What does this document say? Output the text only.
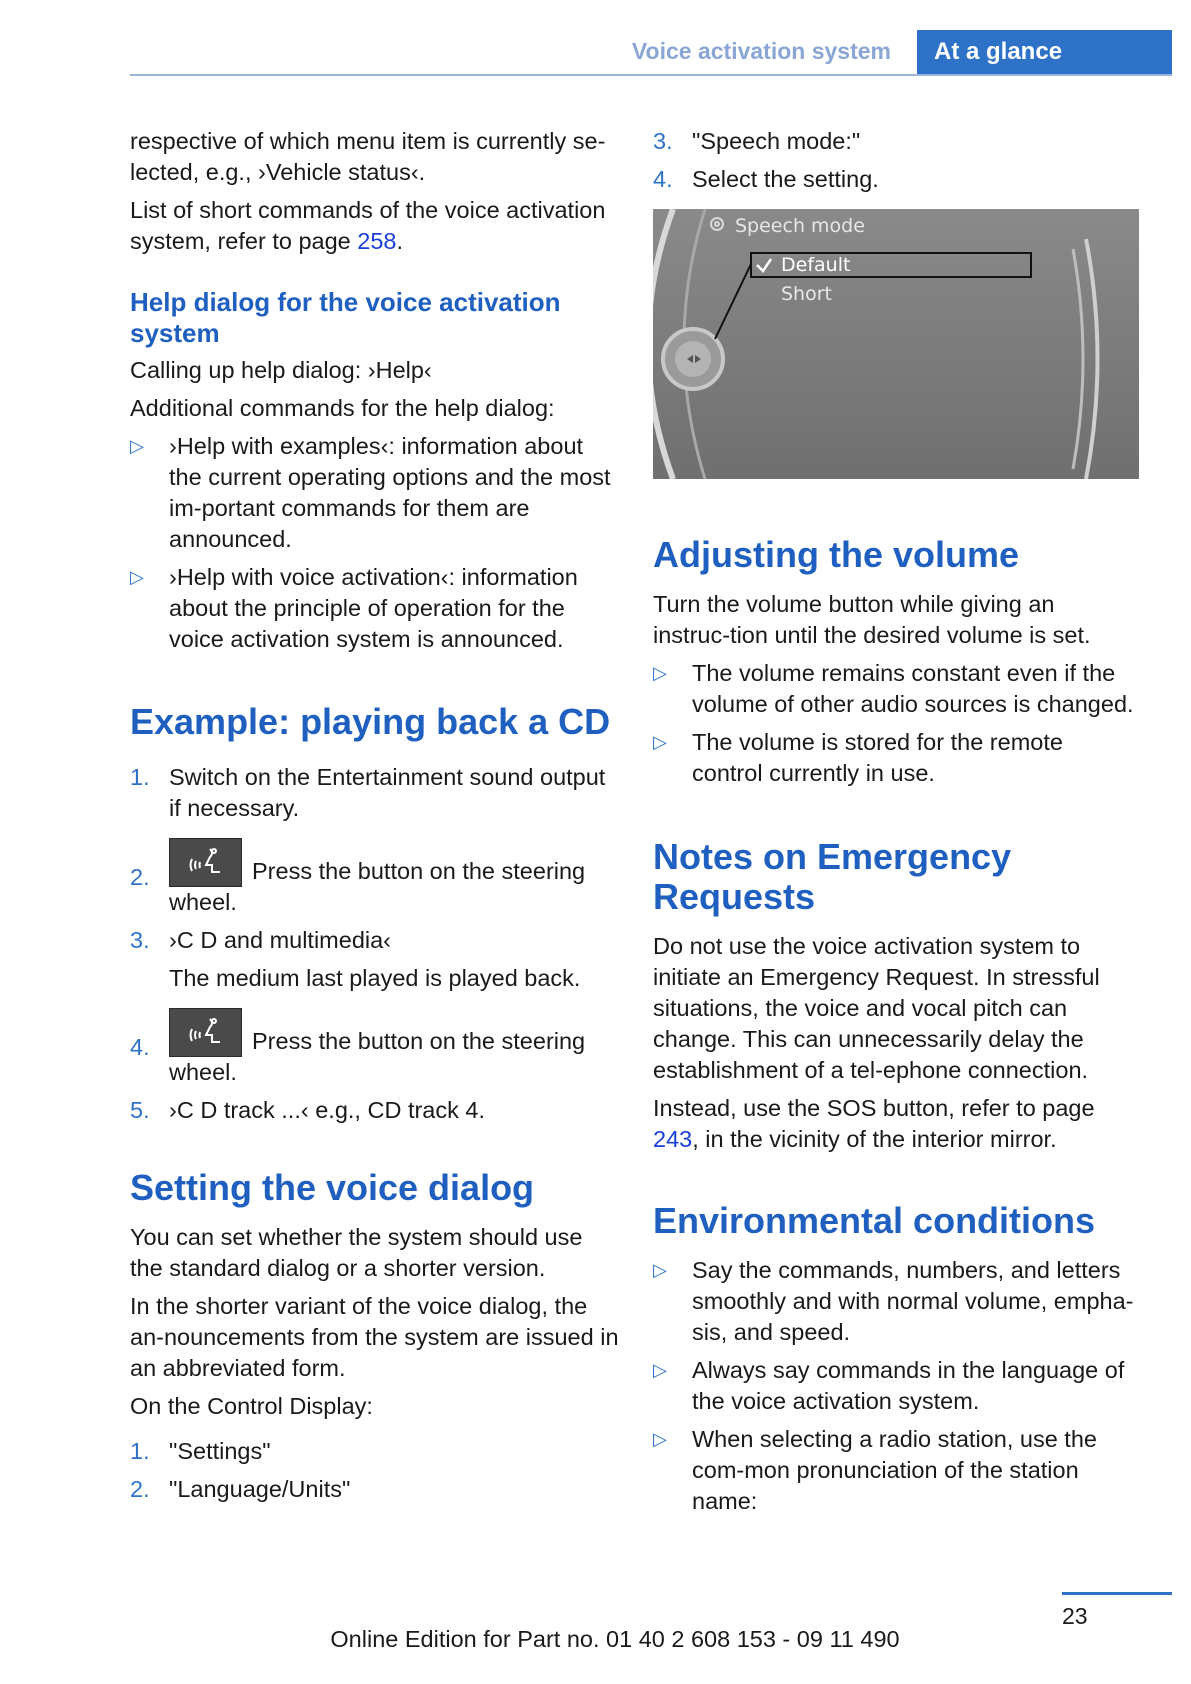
Voice activation system	At a glance

respective of which menu item is currently se-lected, e.g., ›Vehicle status‹.

List of short commands of the voice activation system, refer to page 258.

Help dialog for the voice activation system

Calling up help dialog: ›Help‹

Additional commands for the help dialog:

▷ ›Help with examples‹: information about the current operating options and the most im-portant commands for them are announced.
▷ ›Help with voice activation‹: information about the principle of operation for the voice activation system is announced.
Example: playing back a CD
1. Switch on the Entertainment sound output if necessary.
2.	Press the button on the steering wheel.
3. ›C D and multimedia‹

The medium last played is played back.

4.	Press the button on the steering wheel.
5. ›C D track ...‹ e.g., CD track 4.
Setting the voice dialog

You can set whether the system should use the standard dialog or a shorter version.

In the shorter variant of the voice dialog, the an-nouncements from the system are issued in an abbreviated form.

On the Control Display:

1. "Settings"
2. "Language/Units"
3. "Speech mode:"
4. Select the setting.
Speech mode
Default
Short
Adjusting the volume

Turn the volume button while giving an instruc-tion until the desired volume is set.

▷ The volume remains constant even if the volume of other audio sources is changed.
▷ The volume is stored for the remote control currently in use.
Notes on Emergency Requests

Do not use the voice activation system to initiate an Emergency Request. In stressful situations, the voice and vocal pitch can change. This can unnecessarily delay the establishment of a tel-ephone connection.

Instead, use the SOS button, refer to page 243, in the vicinity of the interior mirror.

Environmental conditions
▷ Say the commands, numbers, and letters smoothly and with normal volume, empha-sis, and speed.
▷ Always say commands in the language of the voice activation system.
▷ When selecting a radio station, use the com-mon pronunciation of the station name:
23
Online Edition for Part no. 01 40 2 608 153 - 09 11 490
